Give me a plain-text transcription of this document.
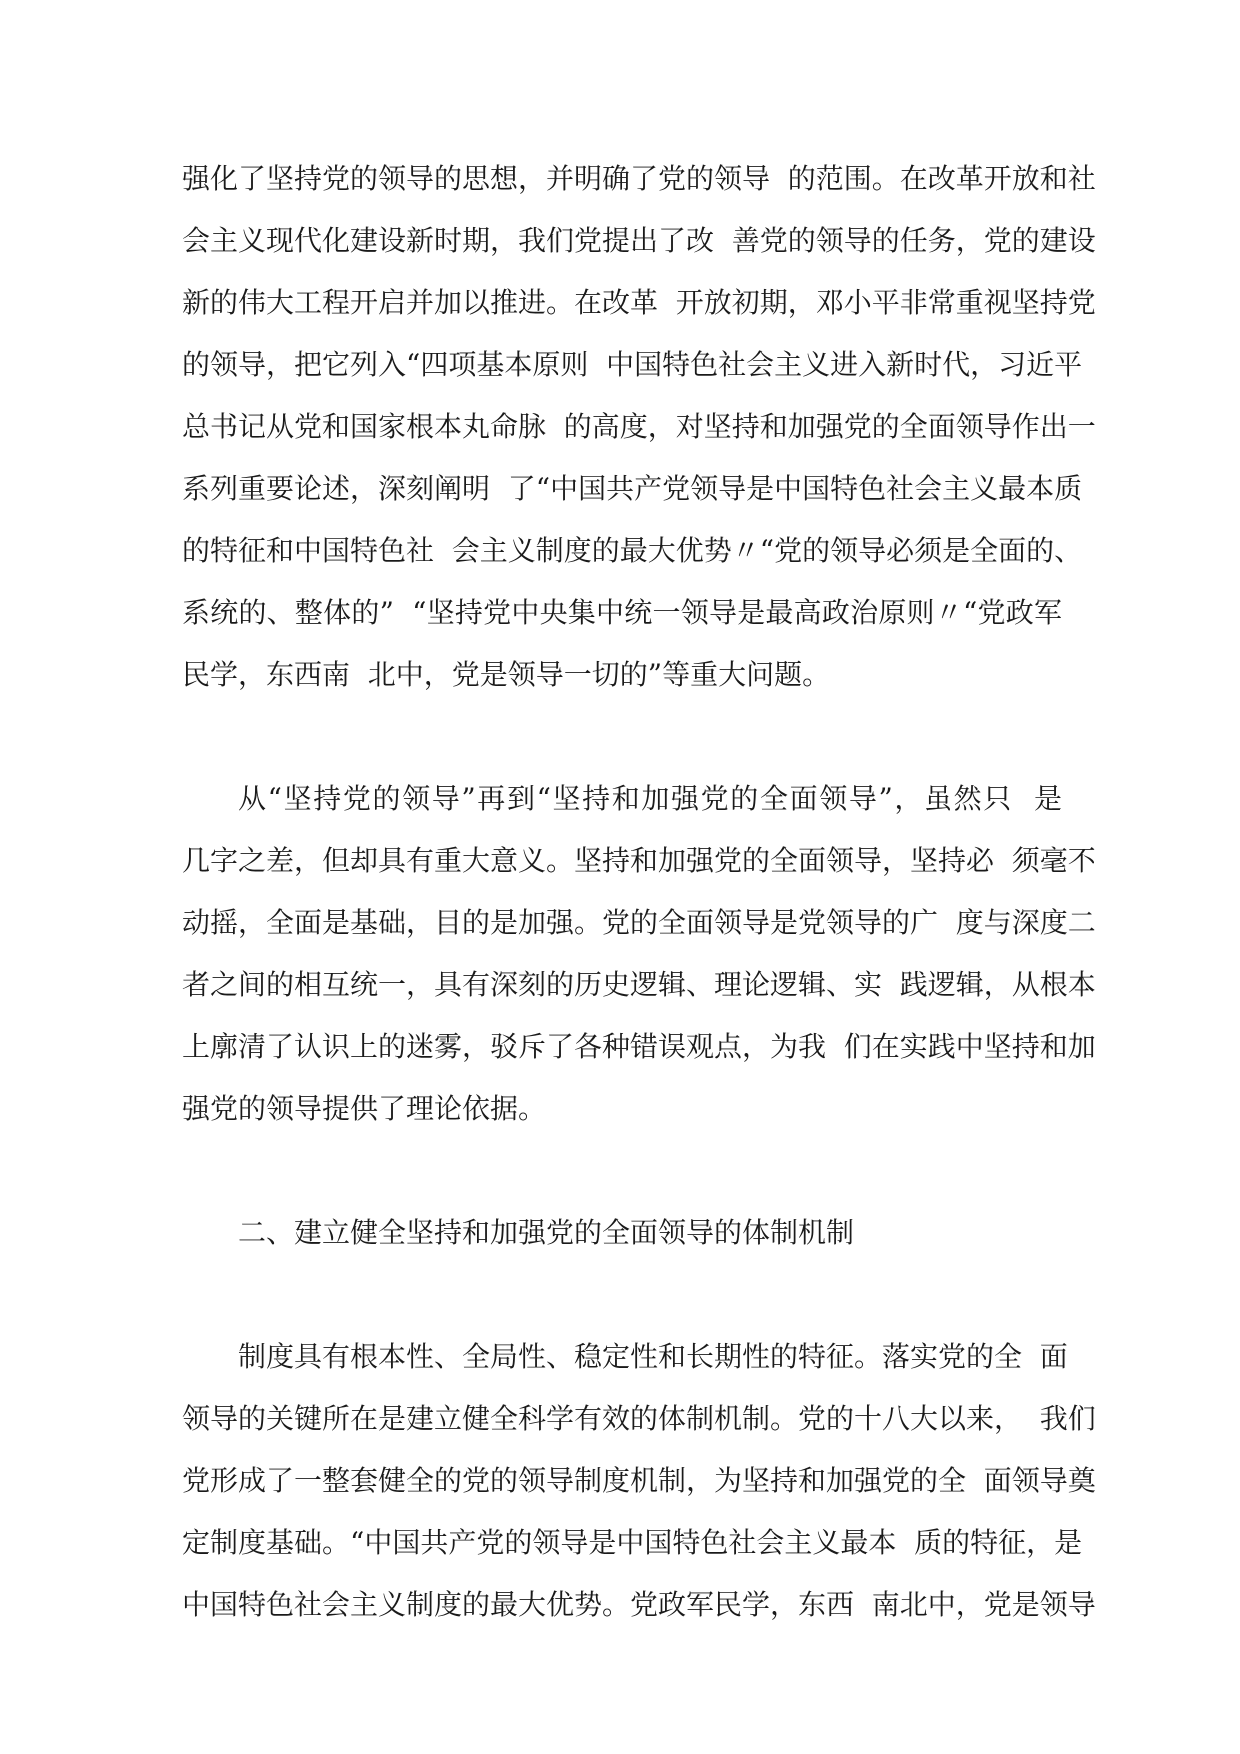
强化了坚持党的领导的思想，并明确了党的领导  的范围。在改革开放和社
会主义现代化建设新时期，我们党提出了改  善党的领导的任务，党的建设
新的伟大工程开启并加以推进。在改革  开放初期，邓小平非常重视坚持党
的领导，把它列入“四项基本原则  中国特色社会主义进入新时代，习近平
总书记从党和国家根本丸命脉  的高度，对坚持和加强党的全面领导作出一
系列重要论述，深刻阐明  了“中国共产党领导是中国特色社会主义最本质
的特征和中国特色社  会主义制度的最大优势〃“党的领导必须是全面的、
系统的、整体的”  “坚持党中央集中统一领导是最高政治原则〃“党政军
民学，东西南  北中，党是领导一切的”等重大问题。
从“坚持党的领导”再到“坚持和加强党的全面领导”，虽然只  是
几字之差，但却具有重大意义。坚持和加强党的全面领导，坚持必  须毫不
动摇，全面是基础，目的是加强。党的全面领导是党领导的广  度与深度二
者之间的相互统一，具有深刻的历史逻辑、理论逻辑、实  践逻辑，从根本
上廓清了认识上的迷雾，驳斥了各种错误观点，为我  们在实践中坚持和加
强党的领导提供了理论依据。
二、建立健全坚持和加强党的全面领导的体制机制
制度具有根本性、全局性、稳定性和长期性的特征。落实党的全  面
领导的关键所在是建立健全科学有效的体制机制。党的十八大以来，  我们
党形成了一整套健全的党的领导制度机制，为坚持和加强党的全  面领导奠
定制度基础。“中国共产党的领导是中国特色社会主义最本  质的特征，是
中国特色社会主义制度的最大优势。党政军民学，东西  南北中，党是领导
